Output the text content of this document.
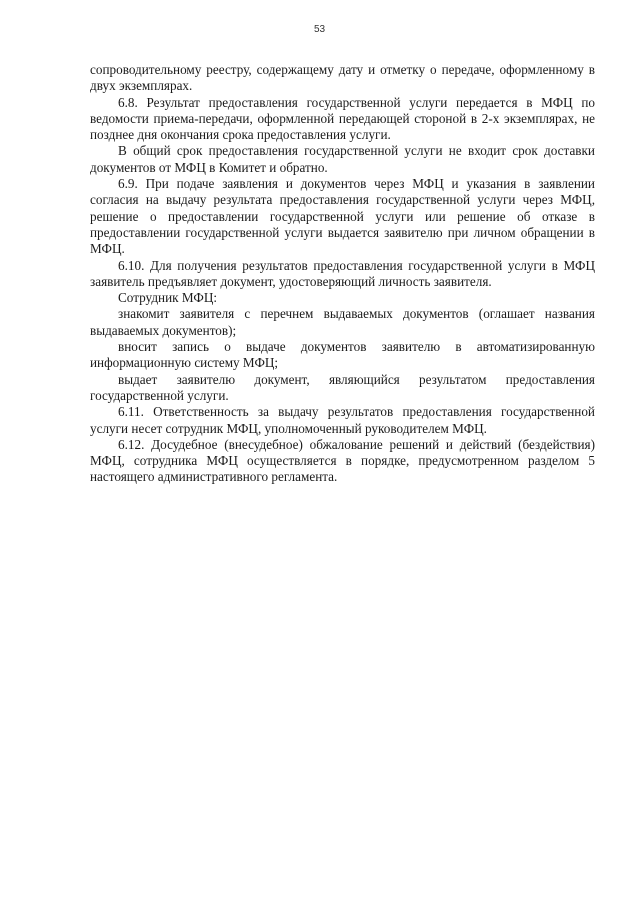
53

сопроводительному реестру, содержащему дату и отметку о передаче, оформленному в двух экземплярах.

6.8. Результат предоставления государственной услуги передается в МФЦ по ведомости приема-передачи, оформленной передающей стороной в 2-х экземплярах, не позднее дня окончания срока предоставления услуги.

В общий срок предоставления государственной услуги не входит срок доставки документов от МФЦ в Комитет и обратно.

6.9. При подаче заявления и документов через МФЦ и указания в заявлении согласия на выдачу результата предоставления государственной услуги через МФЦ, решение о предоставлении государственной услуги или решение об отказе в предоставлении государственной услуги выдается заявителю при личном обращении в МФЦ.

6.10. Для получения результатов предоставления государственной услуги в МФЦ заявитель предъявляет документ, удостоверяющий личность заявителя.

Сотрудник МФЦ:

знакомит заявителя с перечнем выдаваемых документов (оглашает названия выдаваемых документов);

вносит запись о выдаче документов заявителю в автоматизированную информационную систему МФЦ;

выдает заявителю документ, являющийся результатом предоставления государственной услуги.

6.11. Ответственность за выдачу результатов предоставления государственной услуги несет сотрудник МФЦ, уполномоченный руководителем МФЦ.

6.12. Досудебное (внесудебное) обжалование решений и действий (бездействия) МФЦ, сотрудника МФЦ осуществляется в порядке, предусмотренном разделом 5 настоящего административного регламента.
